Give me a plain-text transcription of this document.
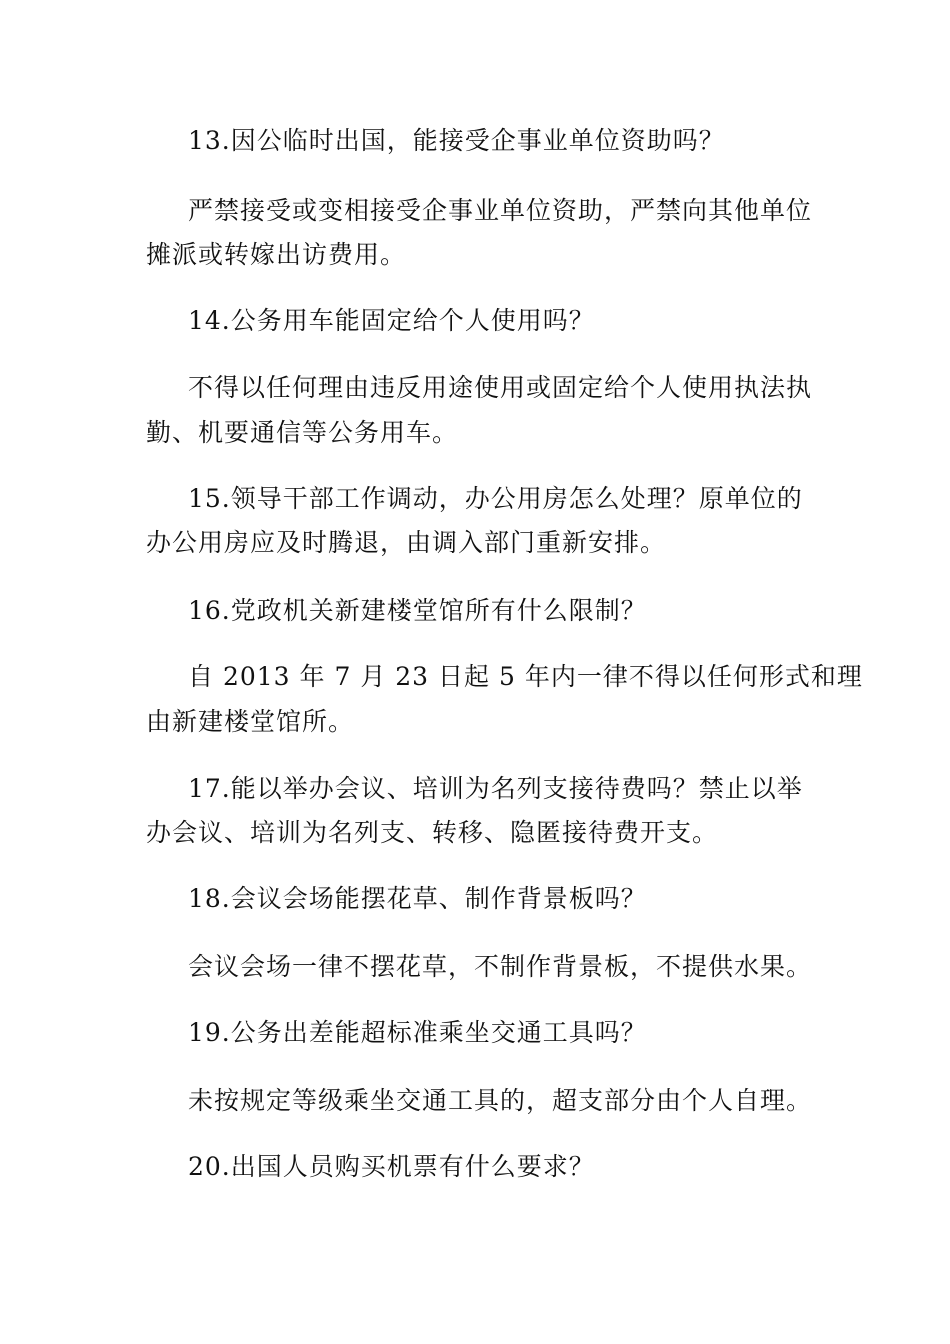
13.因公临时出国，能接受企事业单位资助吗？
严禁接受或变相接受企事业单位资助，严禁向其他单位
摊派或转嫁出访费用。
14.公务用车能固定给个人使用吗？
不得以任何理由违反用途使用或固定给个人使用执法执
勤、机要通信等公务用车。
15.领导干部工作调动，办公用房怎么处理？原单位的
办公用房应及时腾退，由调入部门重新安排。
16.党政机关新建楼堂馆所有什么限制？
自 2013 年 7 月 23 日起 5 年内一律不得以任何形式和理
由新建楼堂馆所。
17.能以举办会议、培训为名列支接待费吗？禁止以举
办会议、培训为名列支、转移、隐匿接待费开支。
18.会议会场能摆花草、制作背景板吗？
会议会场一律不摆花草，不制作背景板，不提供水果。
19.公务出差能超标准乘坐交通工具吗？
未按规定等级乘坐交通工具的，超支部分由个人自理。
20.出国人员购买机票有什么要求？
